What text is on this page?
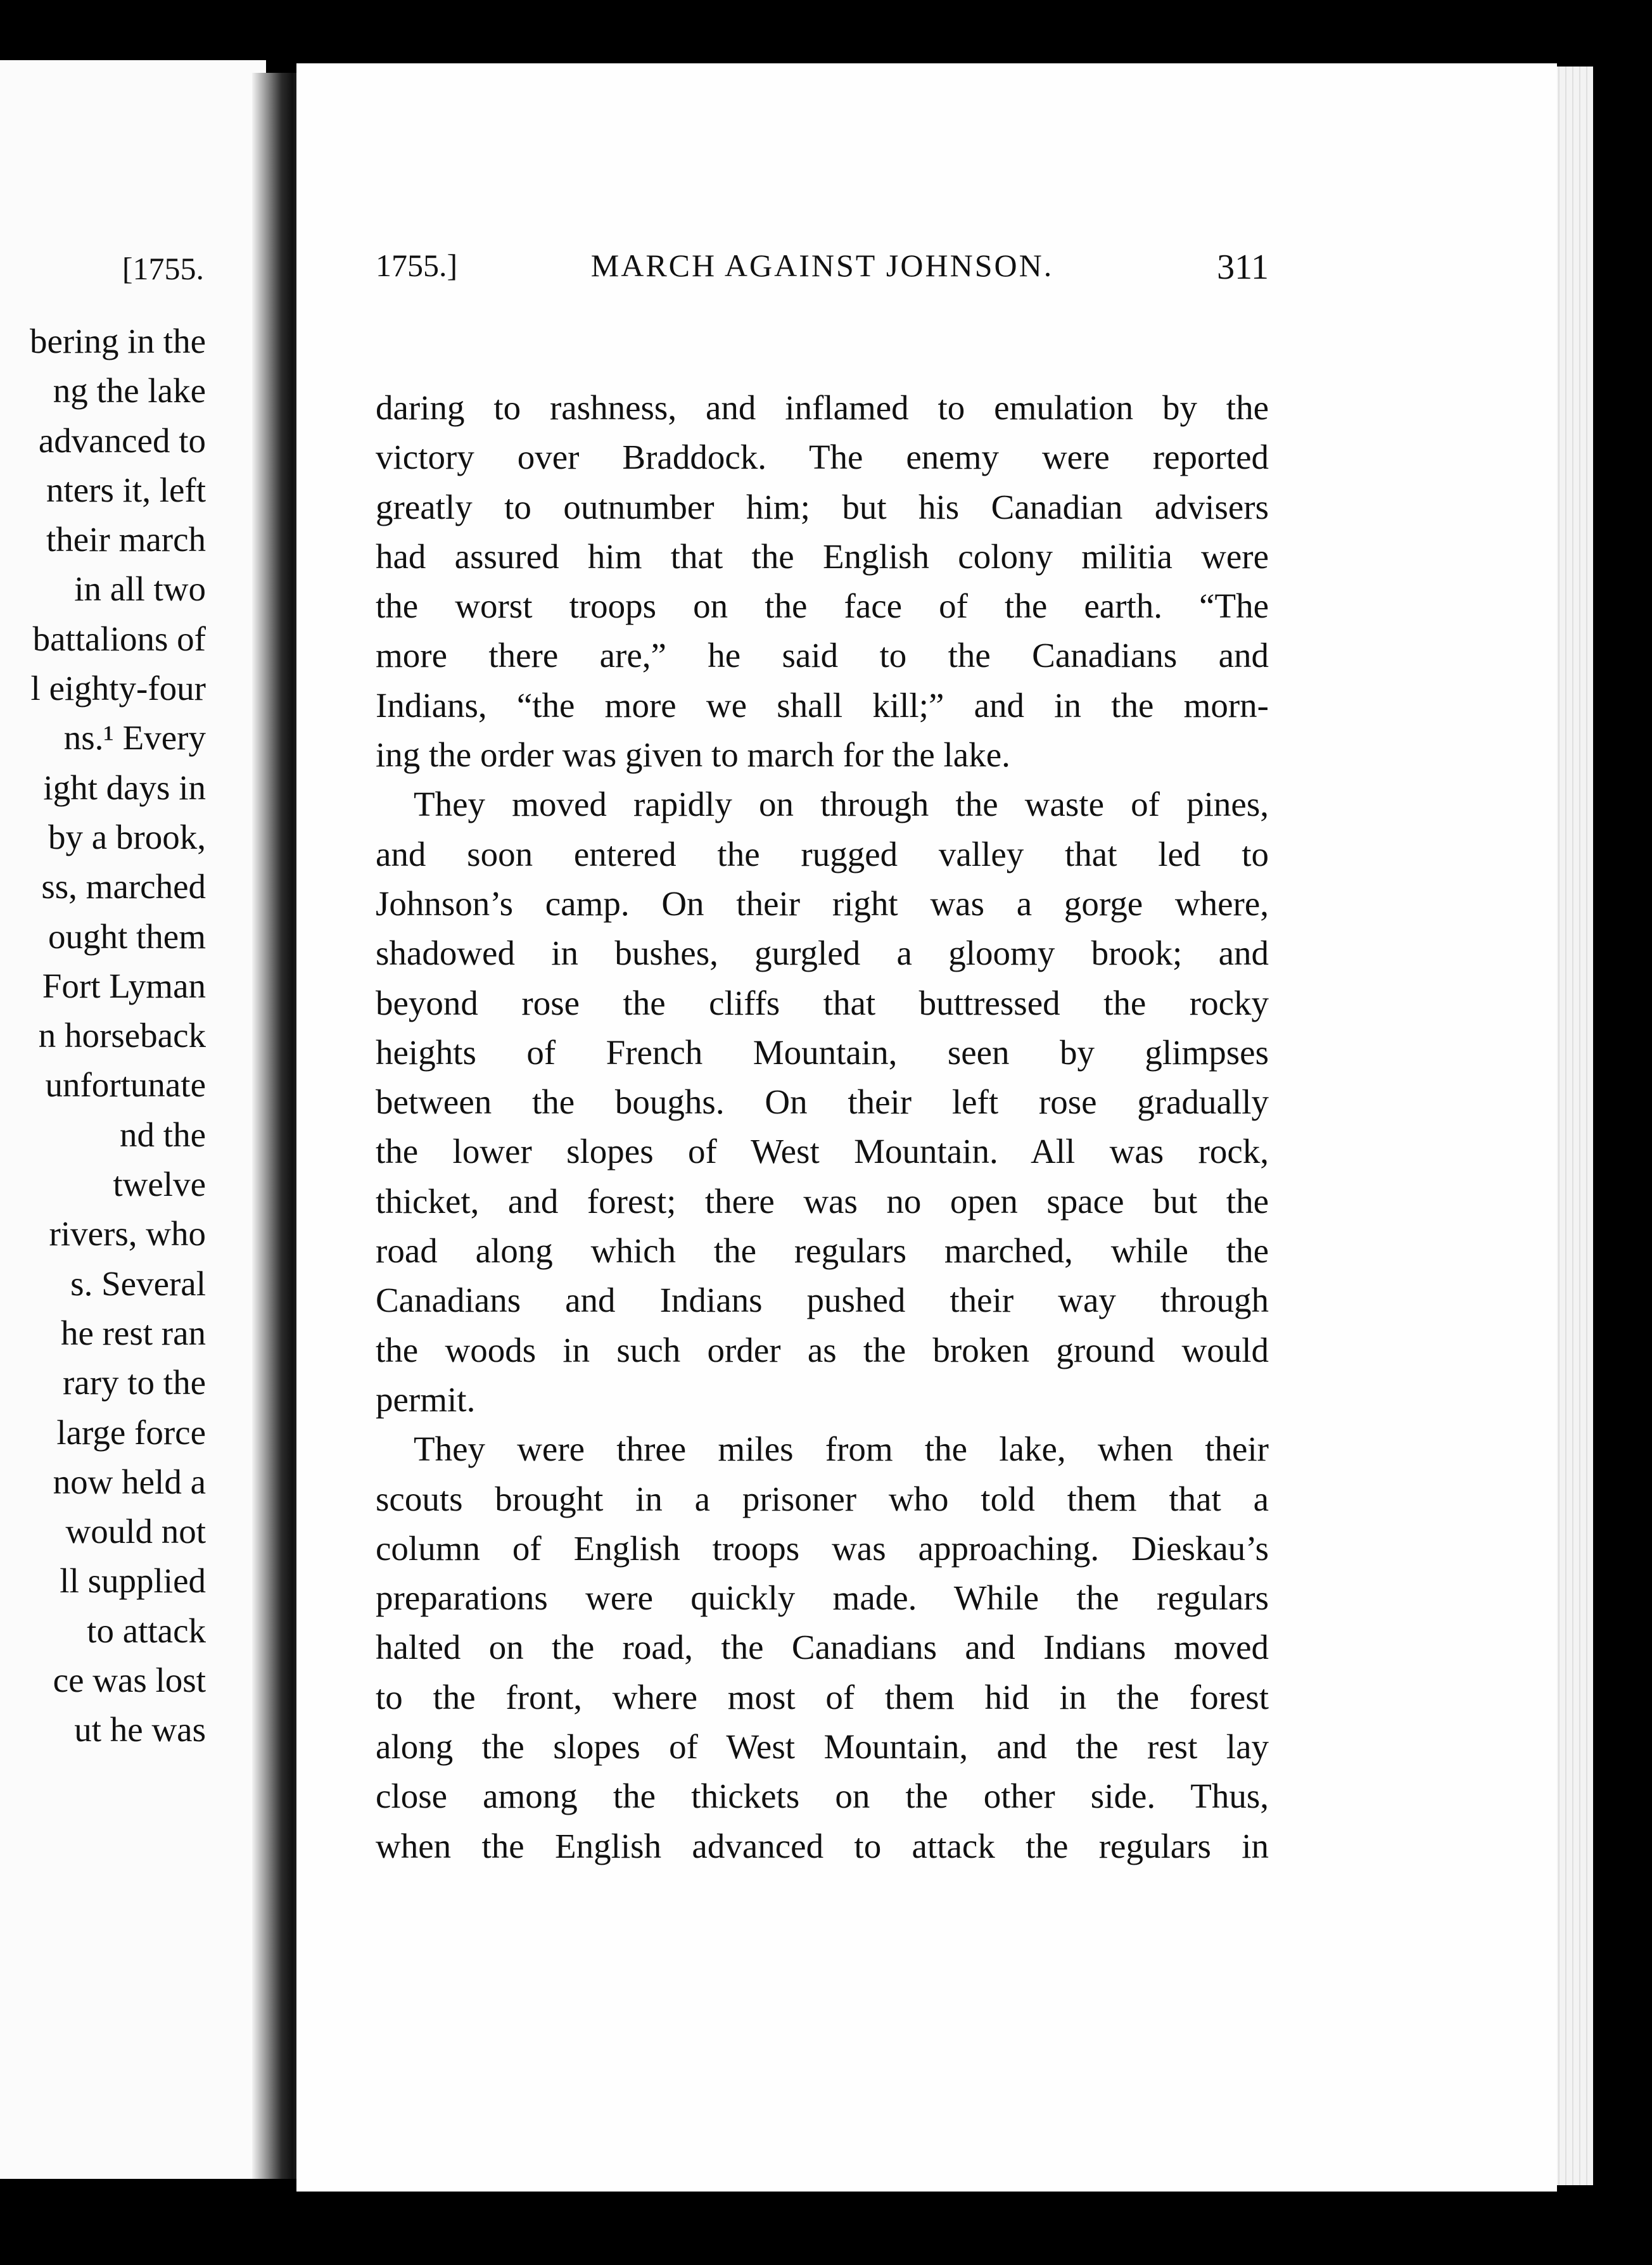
[1755.
bering in the
ng the lake
advanced to
nters it, left
their march
in all two
battalions of
l eighty-four
ns.¹ Every
ight days in
by a brook,
ss, marched
ought them
Fort Lyman
n horseback
unfortunate
nd the
twelve
rivers, who
s. Several
he rest ran
rary to the
large force
now held a
would not
ll supplied
to attack
ce was lost
ut he was
1755.]	MARCH AGAINST JOHNSON.	311
daring to rashness, and inflamed to emulation by the
victory over Braddock. The enemy were reported
greatly to outnumber him; but his Canadian advisers
had assured him that the English colony militia were
the worst troops on the face of the earth. “The
more there are,” he said to the Canadians and
Indians, “the more we shall kill;” and in the morn-
ing the order was given to march for the lake.
They moved rapidly on through the waste of pines,
and soon entered the rugged valley that led to
Johnson’s camp. On their right was a gorge where,
shadowed in bushes, gurgled a gloomy brook; and
beyond rose the cliffs that buttressed the rocky
heights of French Mountain, seen by glimpses
between the boughs. On their left rose gradually
the lower slopes of West Mountain. All was rock,
thicket, and forest; there was no open space but the
road along which the regulars marched, while the
Canadians and Indians pushed their way through
the woods in such order as the broken ground would
permit.
They were three miles from the lake, when their
scouts brought in a prisoner who told them that a
column of English troops was approaching. Dieskau’s
preparations were quickly made. While the regulars
halted on the road, the Canadians and Indians moved
to the front, where most of them hid in the forest
along the slopes of West Mountain, and the rest lay
close among the thickets on the other side. Thus,
when the English advanced to attack the regulars in
